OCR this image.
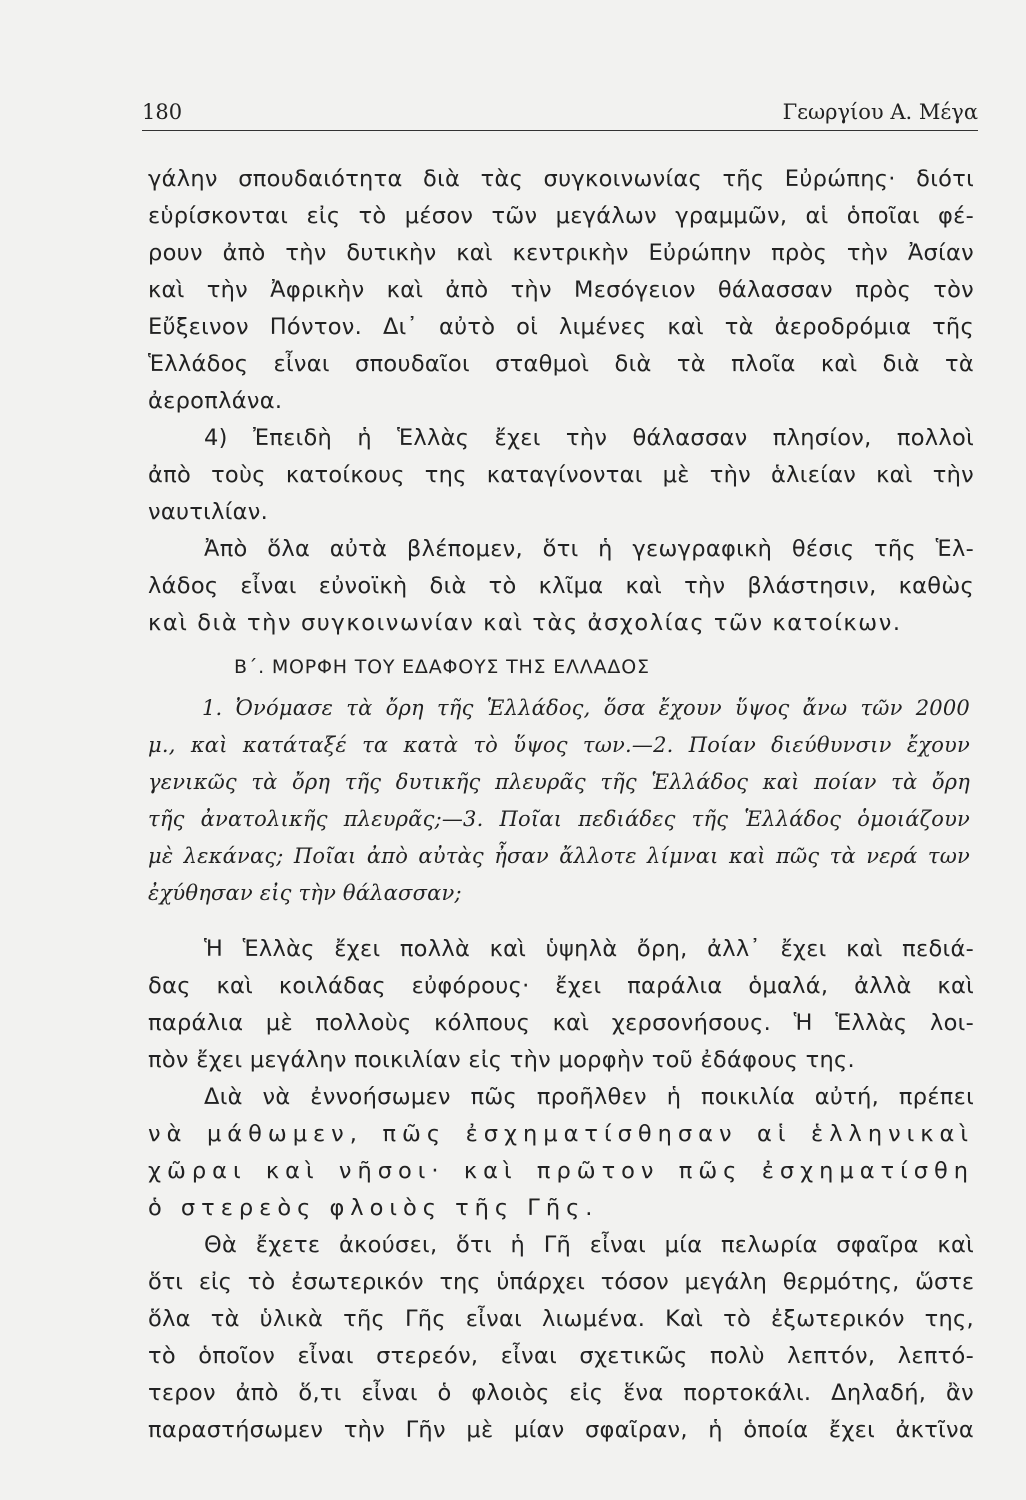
180	Γεωργίου Α. Μέγα
γάλην σπουδαιότητα διὰ τὰς συγκοινωνίας τῆς Εὐρώπης· διότι
εὑρίσκονται εἰς τὸ μέσον τῶν μεγάλων γραμμῶν, αἱ ὁποῖαι φέ-
ρουν ἀπὸ τὴν δυτικὴν καὶ κεντρικὴν Εὐρώπην πρὸς τὴν Ἀσίαν
καὶ τὴν Ἀφρικὴν καὶ ἀπὸ τὴν Μεσόγειον θάλασσαν πρὸς τὸν
Εὔξεινον Πόντον. Δι᾽ αὐτὸ οἱ λιμένες καὶ τὰ ἀεροδρόμια τῆς
Ἑλλάδος εἶναι σπουδαῖοι σταθμοὶ διὰ τὰ πλοῖα καὶ διὰ τὰ
ἀεροπλάνα.
4) Ἐπειδὴ ἡ Ἑλλὰς ἔχει τὴν θάλασσαν πλησίον, πολλοὶ
ἀπὸ τοὺς κατοίκους της καταγίνονται μὲ τὴν ἁλιείαν καὶ τὴν
ναυτιλίαν.
Ἀπὸ ὅλα αὐτὰ βλέπομεν, ὅτι ἡ γεωγραφικὴ θέσις τῆς Ἑλ-
λάδος εἶναι εὐνοϊκὴ διὰ τὸ κλῖμα καὶ τὴν βλάστησιν, καθὼς
καὶ διὰ τὴν συγκοινωνίαν καὶ τὰς ἀσχολίας τῶν κατοίκων.
Β΄. ΜΟΡΦΗ ΤΟΥ ΕΔΑΦΟΥΣ ΤΗΣ ΕΛΛΑΔΟΣ
1. Ὀνόμασε τὰ ὄρη τῆς Ἑλλάδος, ὅσα ἔχουν ὕψος ἄνω τῶν 2000
μ., καὶ κατάταξέ τα κατὰ τὸ ὕψος των.—2. Ποίαν διεύθυνσιν ἔχουν
γενικῶς τὰ ὄρη τῆς δυτικῆς πλευρᾶς τῆς Ἑλλάδος καὶ ποίαν τὰ ὄρη
τῆς ἀνατολικῆς πλευρᾶς;—3. Ποῖαι πεδιάδες τῆς Ἑλλάδος ὁμοιάζουν
μὲ λεκάνας; Ποῖαι ἀπὸ αὐτὰς ἦσαν ἄλλοτε λίμναι καὶ πῶς τὰ νερά των
ἐχύθησαν εἰς τὴν θάλασσαν;
Ἡ Ἑλλὰς ἔχει πολλὰ καὶ ὑψηλὰ ὄρη, ἀλλ᾽ ἔχει καὶ πεδιά-
δας καὶ κοιλάδας εὐφόρους· ἔχει παράλια ὁμαλά, ἀλλὰ καὶ
παράλια μὲ πολλοὺς κόλπους καὶ χερσονήσους. Ἡ Ἑλλὰς λοι-
πὸν ἔχει μεγάλην ποικιλίαν εἰς τὴν μορφὴν τοῦ ἐδάφους της.
Διὰ νὰ ἐννοήσωμεν πῶς προῆλθεν ἡ ποικιλία αὐτή, πρέπει
νὰ μάθωμεν, πῶς ἐσχηματίσθησαν αἱ ἑλληνικαὶ
χῶραι καὶ νῆσοι· καὶ πρῶτον πῶς ἐσχηματίσθη
ὁ στερεὸς φλοιὸς τῆς Γῆς.
Θὰ ἔχετε ἀκούσει, ὅτι ἡ Γῆ εἶναι μία πελωρία σφαῖρα καὶ
ὅτι εἰς τὸ ἐσωτερικόν της ὑπάρχει τόσον μεγάλη θερμότης, ὥστε
ὅλα τὰ ὑλικὰ τῆς Γῆς εἶναι λιωμένα. Καὶ τὸ ἐξωτερικόν της,
τὸ ὁποῖον εἶναι στερεόν, εἶναι σχετικῶς πολὺ λεπτόν, λεπτό-
τερον ἀπὸ ὅ,τι εἶναι ὁ φλοιὸς εἰς ἕνα πορτοκάλι. Δηλαδή, ἂν
παραστήσωμεν τὴν Γῆν μὲ μίαν σφαῖραν, ἡ ὁποία ἔχει ἀκτῖνα
